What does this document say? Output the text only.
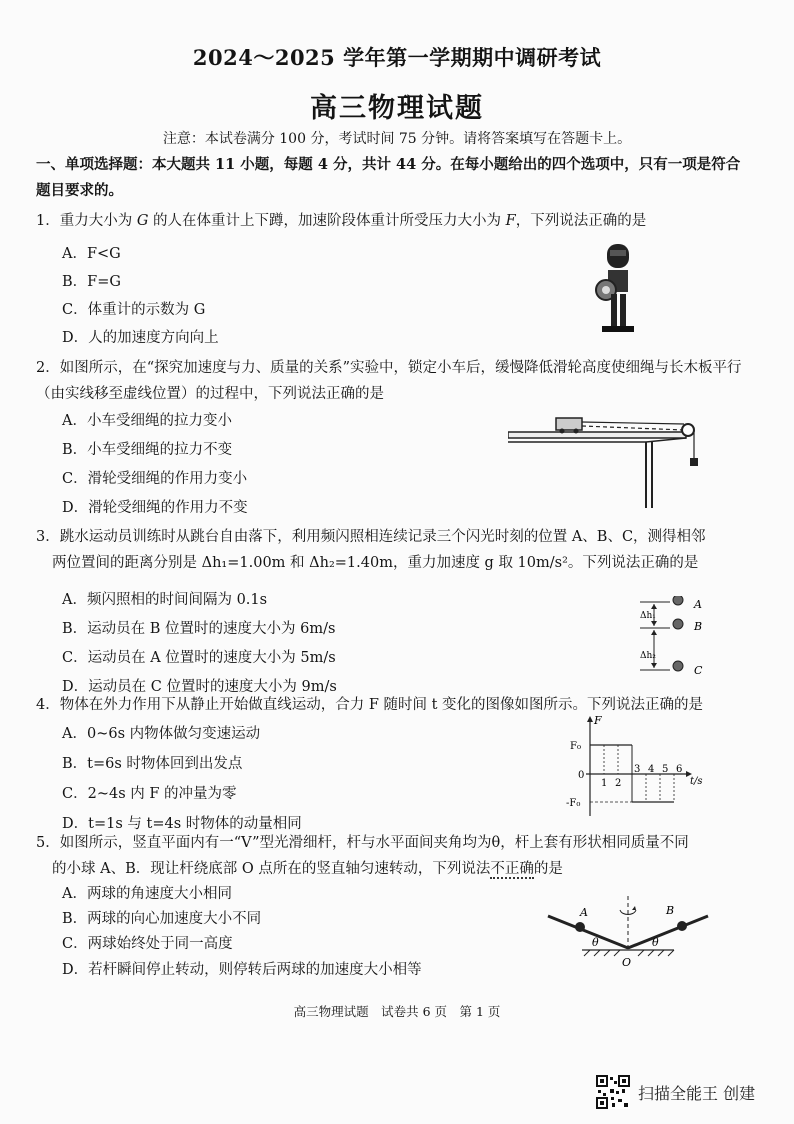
2024～2025 学年第一学期期中调研考试
高三物理试题
注意：本试卷满分 100 分，考试时间 75 分钟。请将答案填写在答题卡上。
一、单项选择题：本大题共 11 小题，每题 4 分，共计 44 分。在每小题给出的四个选项中，只有一项是符合题目要求的。
1．重力大小为 G 的人在体重计上下蹲，加速阶段体重计所受压力大小为 F，下列说法正确的是
A．F<G
B．F=G
C．体重计的示数为 G
D．人的加速度方向向上
2．如图所示，在“探究加速度与力、质量的关系”实验中，锁定小车后，缓慢降低滑轮高度使细绳与长木板平行（由实线移至虚线位置）的过程中，下列说法正确的是
A．小车受细绳的拉力变小
B．小车受细绳的拉力不变
C．滑轮受细绳的作用力变小
D．滑轮受细绳的作用力不变
3．跳水运动员训练时从跳台自由落下，利用频闪照相连续记录三个闪光时刻的位置 A、B、C，测得相邻
两位置间的距离分别是 Δh₁=1.00m 和 Δh₂=1.40m，重力加速度 g 取 10m/s²。下列说法正确的是
A．频闪照相的时间间隔为 0.1s
B．运动员在 B 位置时的速度大小为 6m/s
C．运动员在 A 位置时的速度大小为 5m/s
D．运动员在 C 位置时的速度大小为 9m/s
A
B
C
Δh₁
Δh₂
4．物体在外力作用下从静止开始做直线运动，合力 F 随时间 t 变化的图像如图所示。下列说法正确的是
A．0~6s 内物体做匀变速运动
B．t=6s 时物体回到出发点
C．2~4s 内 F 的冲量为零
D．t=1s 与 t=4s 时物体的动量相同
F
F₀
-F₀
0
1 2
3 4 5 6
t/s
5．如图所示，竖直平面内有一“V”型光滑细杆，杆与水平面间夹角均为θ，杆上套有形状相同质量不同
的小球 A、B．现让杆绕底部 O 点所在的竖直轴匀速转动，下列说法不正确的是
A．两球的角速度大小相同
B．两球的向心加速度大小不同
C．两球始终处于同一高度
D．若杆瞬间停止转动，则停转后两球的加速度大小相等
A	B
O
θ	θ
高三物理试题　试卷共 6 页　第 1 页
扫描全能王 创建
